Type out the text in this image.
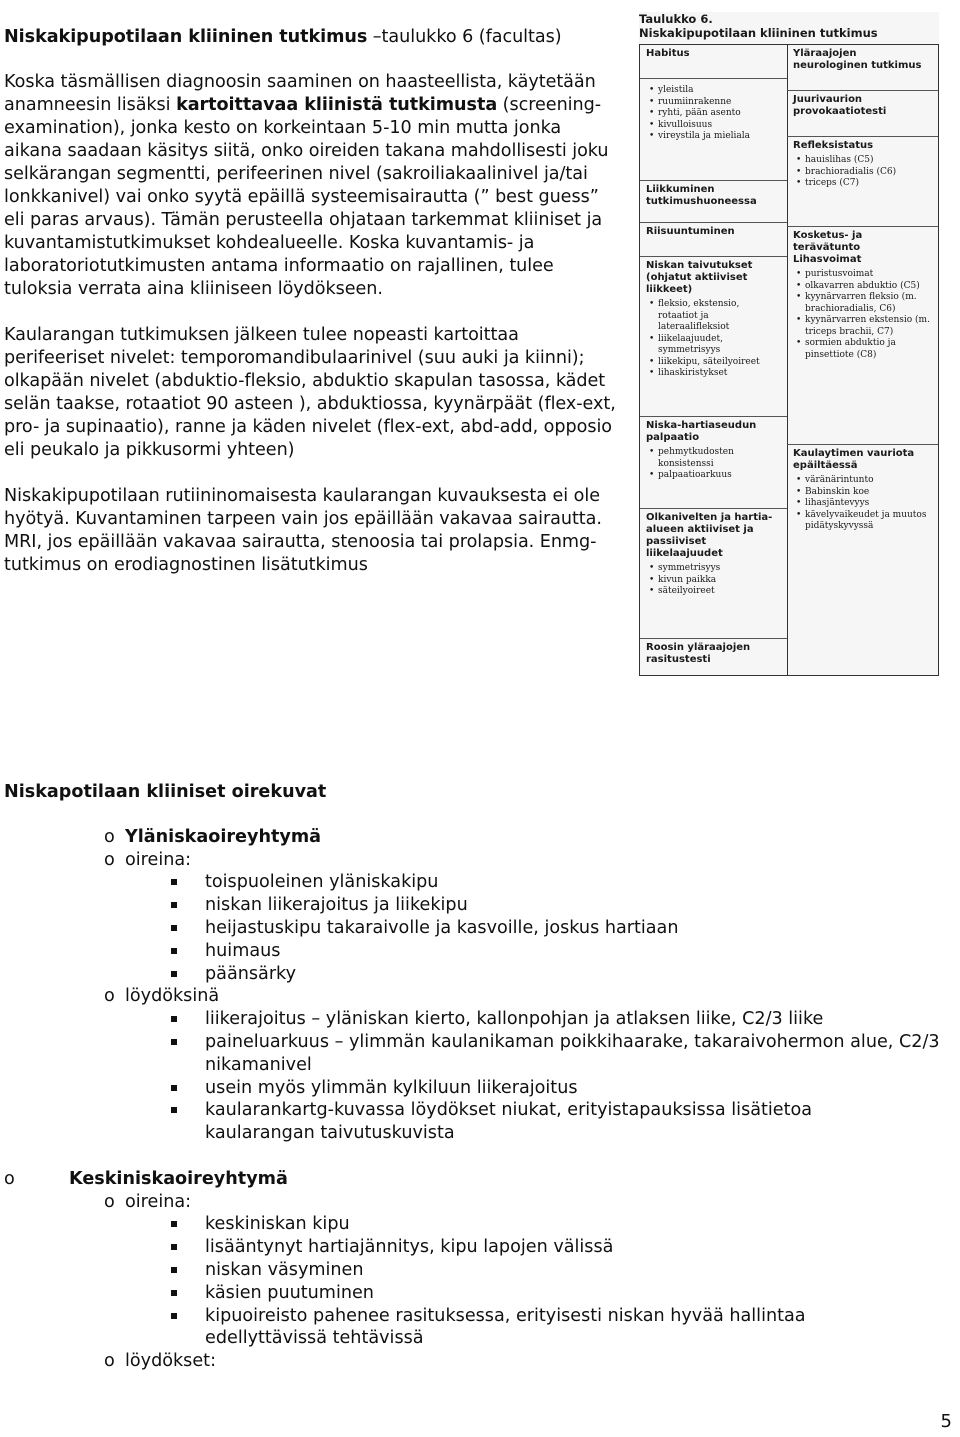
Niskakipupotilaan kliininen tutkimus –taulukko 6 (facultas)

Koska täsmällisen diagnoosin saaminen on haasteellista, käytetään anamneesin lisäksi kartoittavaa kliinistä tutkimusta (screening-examination), jonka kesto on korkeintaan 5-10 min mutta jonka aikana saadaan käsitys siitä, onko oireiden takana mahdollisesti joku selkärangan segmentti, perifeerinen nivel (sakroiliakaalinivel ja/tai lonkkanivel) vai onko syytä epäillä systeemisairautta (” best guess” eli paras arvaus). Tämän perusteella ohjataan tarkemmat kliiniset ja kuvantamistutkimukset kohdealueelle. Koska kuvantamis- ja laboratoriotutkimusten antama informaatio on rajallinen, tulee tuloksia verrata aina kliiniseen löydökseen.

Kaularangan tutkimuksen jälkeen tulee nopeasti kartoittaa perifeeriset nivelet: temporomandibulaarinivel (suu auki ja kiinni); olkapään nivelet (abduktio-fleksio, abduktio skapulan tasossa, kädet selän taakse, rotaatiot 90 asteen ), abduktiossa, kyynärpäät (flex-ext, pro- ja supinaatio), ranne ja käden nivelet (flex-ext, abd-add, opposio eli peukalo ja pikkusormi yhteen)

Niskakipupotilaan rutiininomaisesta kaularangan kuvauksesta ei ole hyötyä. Kuvantaminen tarpeen vain jos epäillään vakavaa sairautta. MRI, jos epäillään vakavaa sairautta, stenoosia tai prolapsia. Enmg-tutkimus on erodiagnostinen lisätutkimus

Taulukko 6.
Niskakipupotilaan kliininen tutkimus
Habitus
• yleistila
• ruumiinrakenne
• ryhti, pään asento
• kivulloisuus
• vireystila ja mieliala
Liikkuminen tutkimushuoneessa
Riisuuntuminen
Niskan taivutukset (ohjatut aktiiviset liikkeet)
• fleksio, ekstensio, rotaatiot ja lateraalifleksiot
• liikelaajuudet, symmetrisyys
• liikekipu, säteilyoireet
• lihaskiristykset
Niska-hartiaseudun palpaatio
• pehmytkudosten konsistenssi
• palpaatioarkuus
Olkanivelten ja hartia-alueen aktiiviset ja passiiviset liikelaajuudet
• symmetrisyys
• kivun paikka
• säteilyoireet
Roosin yläraajojen rasitustesti
Yläraajojen neurologinen tutkimus
Juurivaurion provokaatiotesti
Refleksistatus
• hauislihas (C5)
• brachioradialis (C6)
• triceps (C7)
Kosketus- ja terävätunto Lihasvoimat
• puristusvoimat
• olkavarren abduktio (C5)
• kyynärvarren fleksio (m. brachioradialis, C6)
• kyynärvarren ekstensio (m. triceps brachii, C7)
• sormien abduktio ja pinsettiote (C8)
Kaulaytimen vauriota epäiltäessä
• väränärintunto
• Babinskin koe
• lihasjäntevyys
• kävelyvaikeudet ja muutos pidätyskyvyssä
Niskapotilaan kliiniset oirekuvat
o Yläniskaoireyhtymä
o oireina:
toispuoleinen yläniskakipu
niskan liikerajoitus ja liikekipu
heijastuskipu takaraivolle ja kasvoille, joskus hartiaan
huimaus
päänsärky
o löydöksinä
liikerajoitus – yläniskan kierto, kallonpohjan ja atlaksen liike, C2/3 liike
paineluarkuus – ylimmän kaulanikaman poikkihaarake, takaraivohermon alue, C2/3 nikamanivel
usein myös ylimmän kylkiluun liikerajoitus
kaularankartg-kuvassa löydökset niukat, erityistapauksissa lisätietoa kaularangan taivutuskuvista
o	Keskiniskaoireyhtymä
o oireina:
keskiniskan kipu
lisääntynyt hartiajännitys, kipu lapojen välissä
niskan väsyminen
käsien puutuminen
kipuoireisto pahenee rasituksessa, erityisesti niskan hyvää hallintaa edellyttävissä tehtävissä
o löydökset:
5
